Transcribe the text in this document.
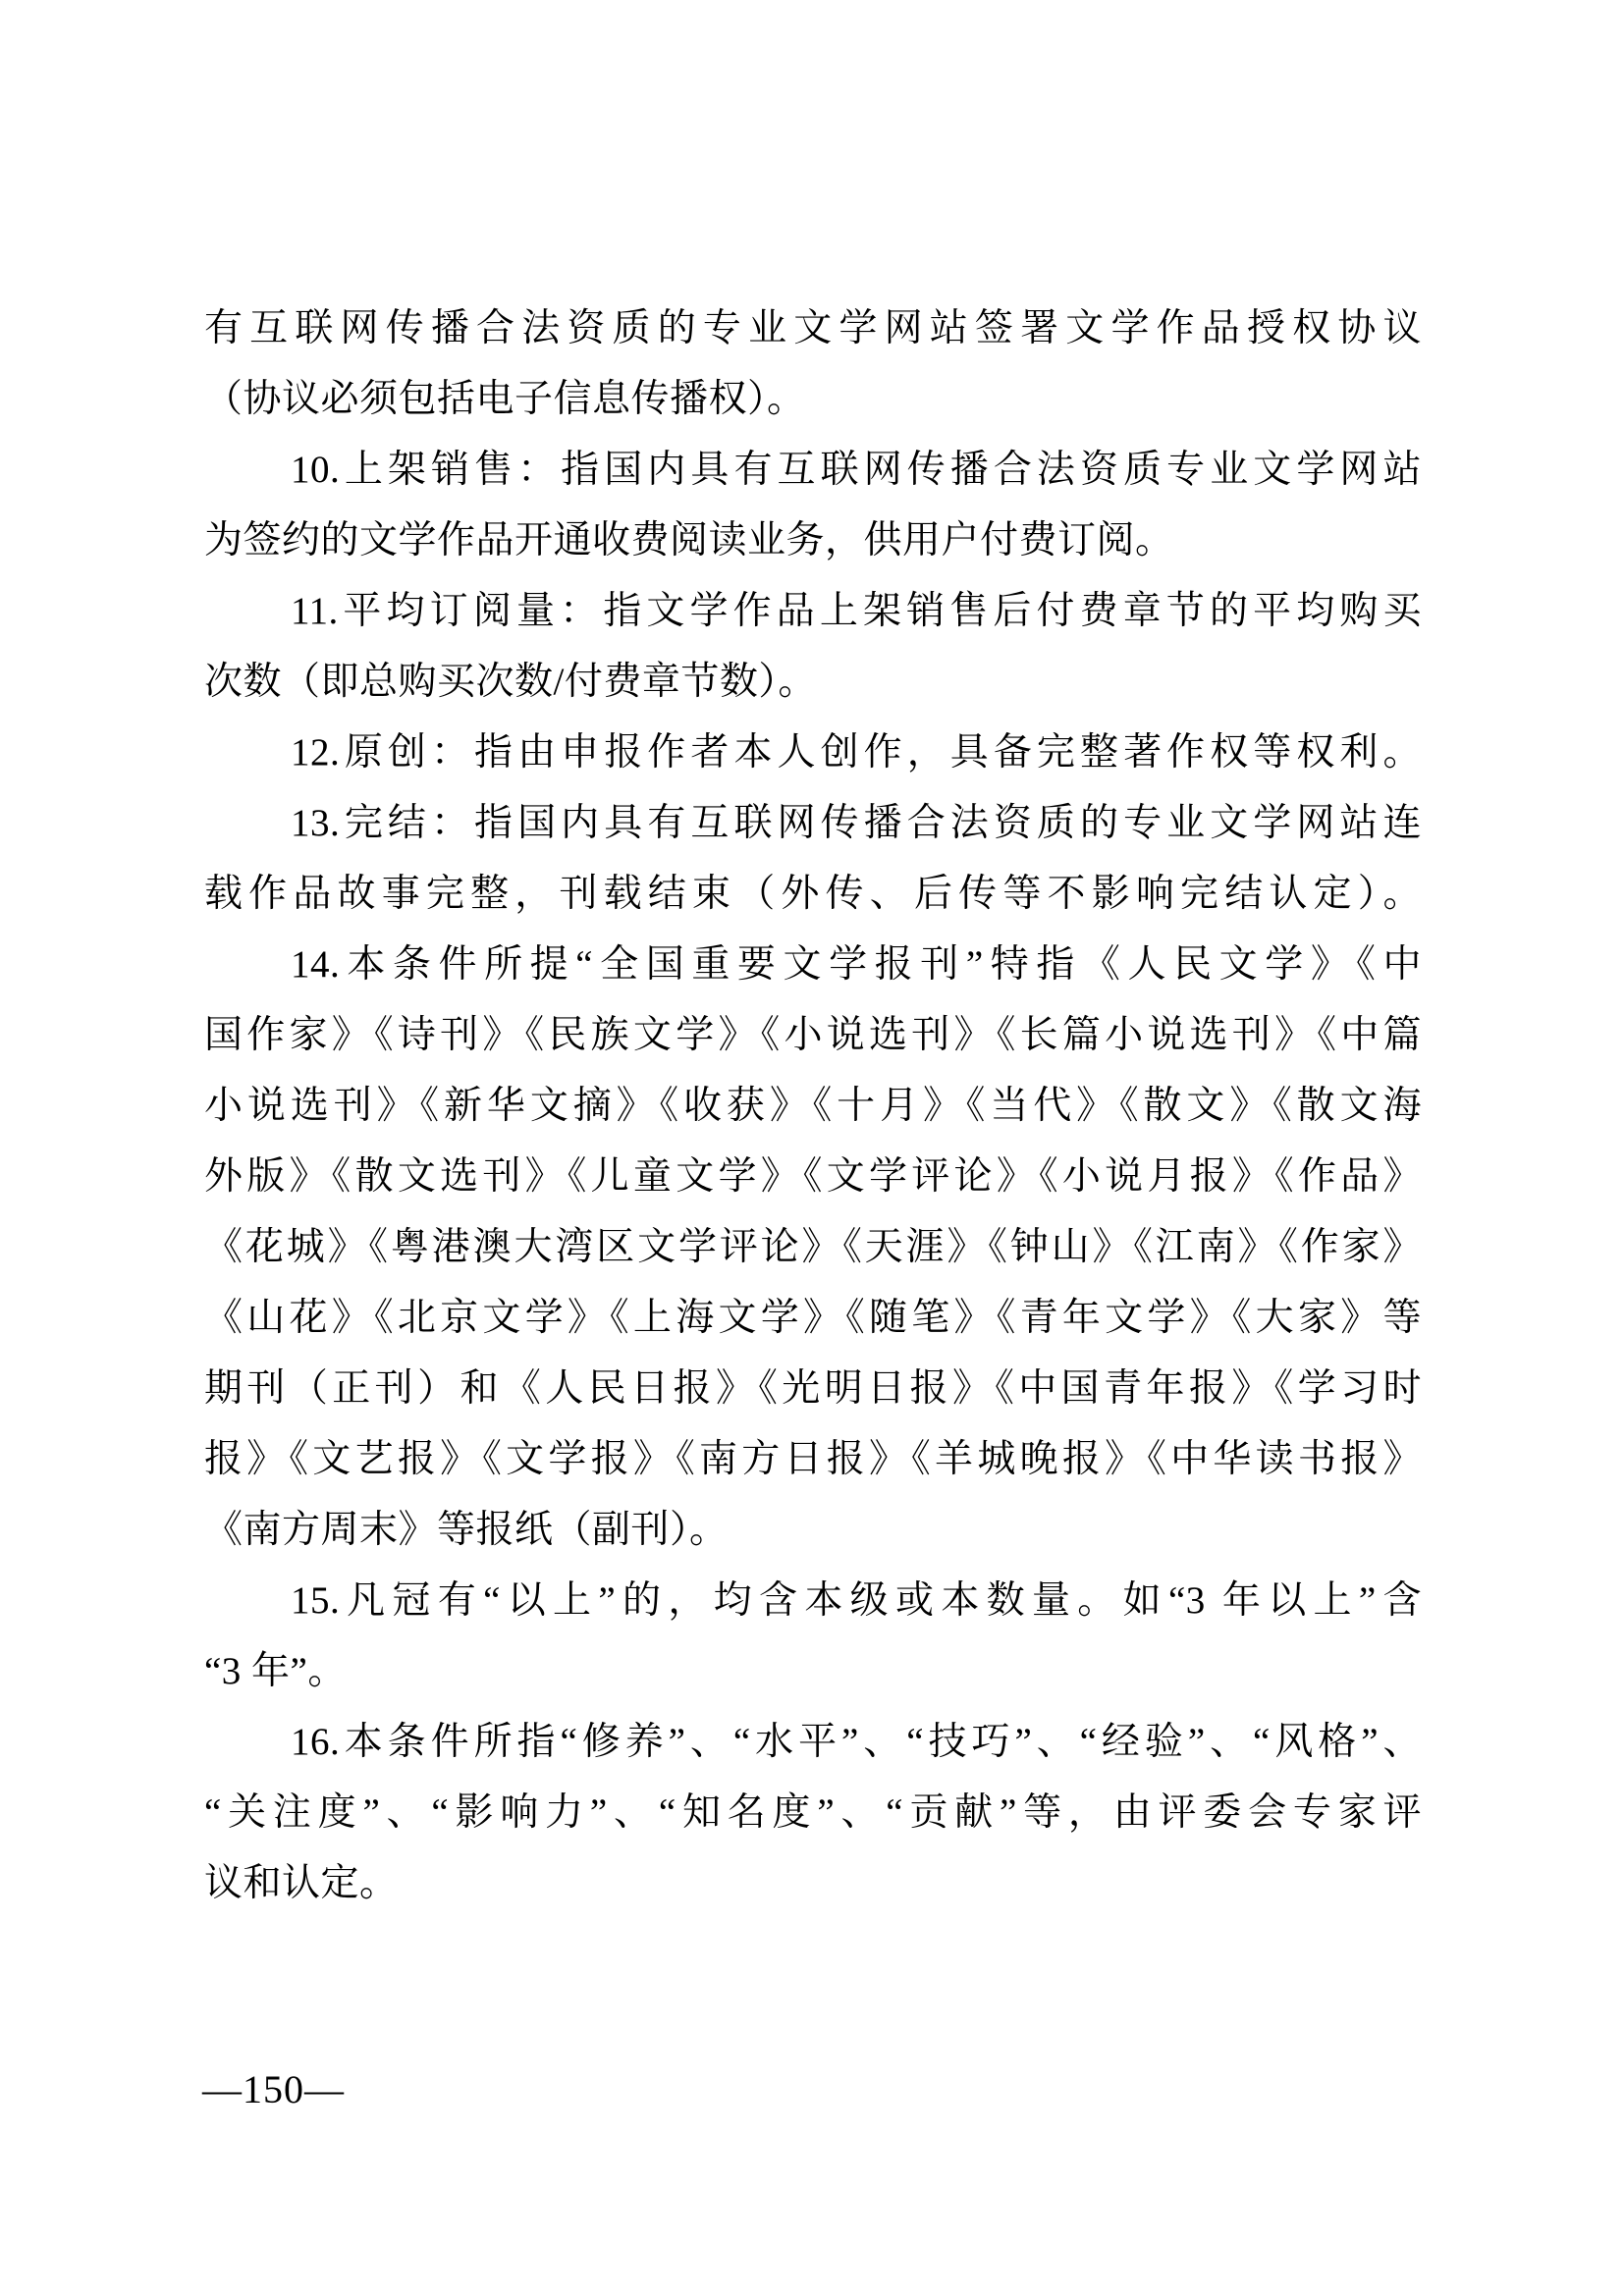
有互联网传播合法资质的专业文学网站签署文学作品授权协议
（协议必须包括电子信息传播权）。
10.上架销售：指国内具有互联网传播合法资质专业文学网站
为签约的文学作品开通收费阅读业务，供用户付费订阅。
11.平均订阅量：指文学作品上架销售后付费章节的平均购买
次数（即总购买次数/付费章节数）。
12.原创：指由申报作者本人创作，具备完整著作权等权利。
13.完结：指国内具有互联网传播合法资质的专业文学网站连
载作品故事完整，刊载结束（外传、后传等不影响完结认定）。
14.本条件所提“全国重要文学报刊”特指《人民文学》《中
国作家》《诗刊》《民族文学》《小说选刊》《长篇小说选刊》《中篇
小说选刊》《新华文摘》《收获》《十月》《当代》《散文》《散文海
外版》《散文选刊》《儿童文学》《文学评论》《小说月报》《作品》
《花城》《粤港澳大湾区文学评论》《天涯》《钟山》《江南》《作家》
《山花》《北京文学》《上海文学》《随笔》《青年文学》《大家》等
期刊（正刊）和《人民日报》《光明日报》《中国青年报》《学习时
报》《文艺报》《文学报》《南方日报》《羊城晚报》《中华读书报》
《南方周末》等报纸（副刊）。
15.凡冠有“以上”的，均含本级或本数量。如“3 年以上”含
“3 年”。
16.本条件所指“修养”、“水平”、“技巧”、“经验”、“风格”、
“关注度”、“影响力”、“知名度”、“贡献”等，由评委会专家评
议和认定。
—150—
